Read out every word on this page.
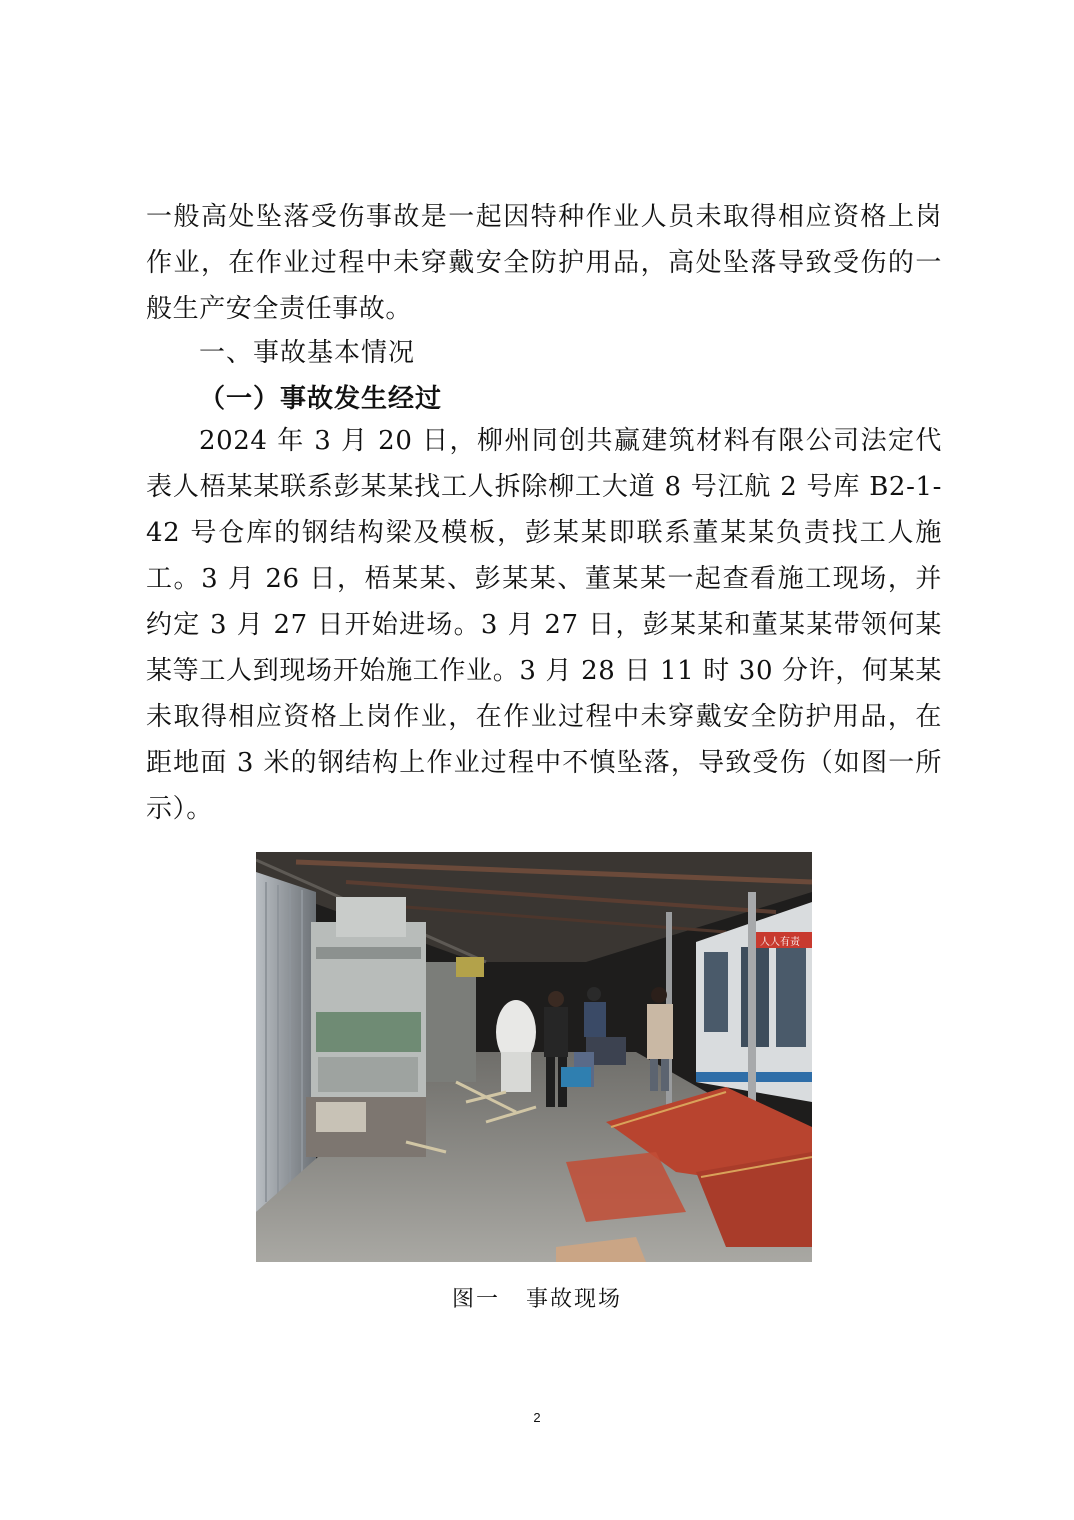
一般高处坠落受伤事故是一起因特种作业人员未取得相应资格上岗作业，在作业过程中未穿戴安全防护用品，高处坠落导致受伤的一般生产安全责任事故。

一、事故基本情况
（一）事故发生经过

2024 年 3 月 20 日，柳州同创共赢建筑材料有限公司法定代表人梧某某联系彭某某找工人拆除柳工大道 8 号江航 2 号库 B2-1-42 号仓库的钢结构梁及模板，彭某某即联系董某某负责找工人施工。3 月 26 日，梧某某、彭某某、董某某一起查看施工现场，并约定 3 月 27 日开始进场。3 月 27 日，彭某某和董某某带领何某某等工人到现场开始施工作业。3 月 28 日 11 时 30 分许，何某某未取得相应资格上岗作业，在作业过程中未穿戴安全防护用品，在距地面 3 米的钢结构上作业过程中不慎坠落，导致受伤（如图一所示）。

人人有责

图一 事故现场

2
